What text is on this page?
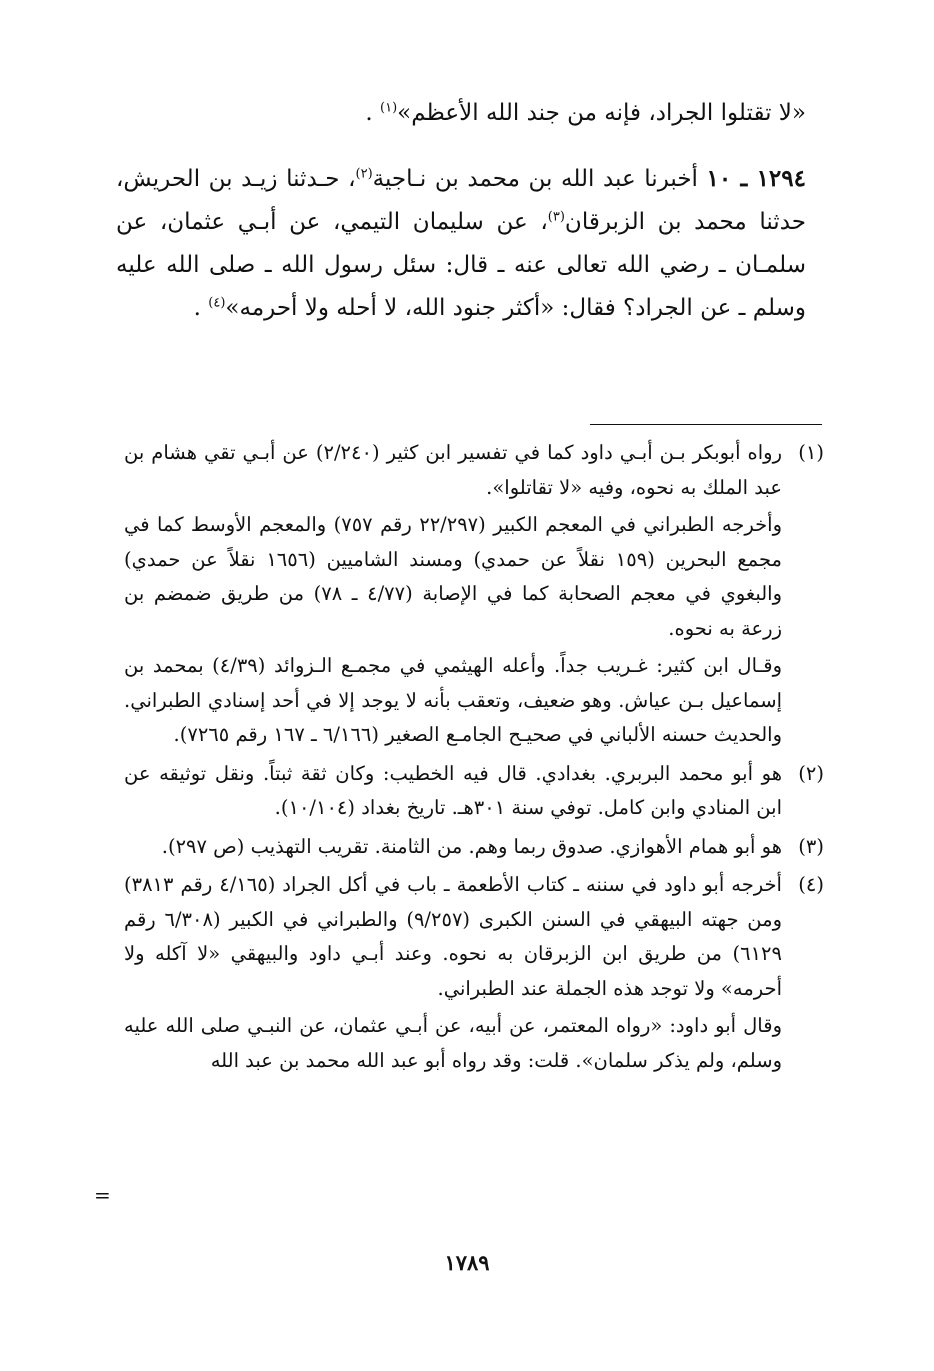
«لا تقتلوا الجراد، فإنه من جند الله الأعظم»$^{(١)}$ .

١٢٩٤ ـ ١٠ أخبرنا عبد الله بن محمد بن نـاجية$^{(٢)}$، حـدثنا زيـد بن الحريش، حدثنا محمد بن الزبرقان$^{(٣)}$، عن سليمان التيمي، عن أبـي عثمان، عن سلمـان ـ رضي الله تعالى عنه ـ قال: سئل رسول الله ـ صلى الله عليه وسلم ـ عن الجراد؟ فقال: «أكثر جنود الله، لا أحله ولا أحرمه»$^{(٤)}$ .

(١)

رواه أبوبكر بـن أبـي داود كما في تفسير ابن كثير (٢/٢٤٠) عن أبـي تقي هشام بن عبد الملك به نحوه، وفيه «لا تقاتلوا».

وأخرجه الطبراني في المعجم الكبير (٢٢/٢٩٧ رقم ٧٥٧) والمعجم الأوسط كما في مجمع البحرين (١٥٩ نقلاً عن حمدي) ومسند الشاميين (١٦٥٦ نقلاً عن حمدي) والبغوي في معجم الصحابة كما في الإصابة (٤/٧٧ ـ ٧٨) من طريق ضمضم بن زرعة به نحوه.

وقـال ابن كثير: غـريب جداً. وأعله الهيثمي في مجمـع الـزوائد (٤/٣٩) بمحمد بن إسماعيل بـن عياش. وهو ضعيف، وتعقب بأنه لا يوجد إلا في أحد إسنادي الطبراني. والحديث حسنه الألباني في صحيـح الجامـع الصغير (٦/١٦٦ ـ ١٦٧ رقم ٧٢٦٥).

(٢)

هو أبو محمد البربري. بغدادي. قال فيه الخطيب: وكان ثقة ثبتاً. ونقل توثيقه عن ابن المنادي وابن كامل. توفي سنة ٣٠١هـ. تاريخ بغداد (١٠/١٠٤).

(٣)

هو أبو همام الأهوازي. صدوق ربما وهم. من الثامنة. تقريب التهذيب (ص ٢٩٧).

(٤)

أخرجه أبو داود في سننه ـ كتاب الأطعمة ـ باب في أكل الجراد (٤/١٦٥ رقم ٣٨١٣) ومن جهته البيهقي في السنن الكبرى (٩/٢٥٧) والطبراني في الكبير (٦/٣٠٨ رقم ٦١٢٩) من طريق ابن الزبرقان به نحوه. وعند أبـي داود والبيهقي «لا آكله ولا أحرمه» ولا توجد هذه الجملة عند الطبراني.

وقال أبو داود: «رواه المعتمر، عن أبيه، عن أبـي عثمان، عن النبـي صلى الله عليه وسلم، ولم يذكر سلمان». قلت: وقد رواه أبو عبد الله محمد بن عبد الله

=
١٧٨٩
